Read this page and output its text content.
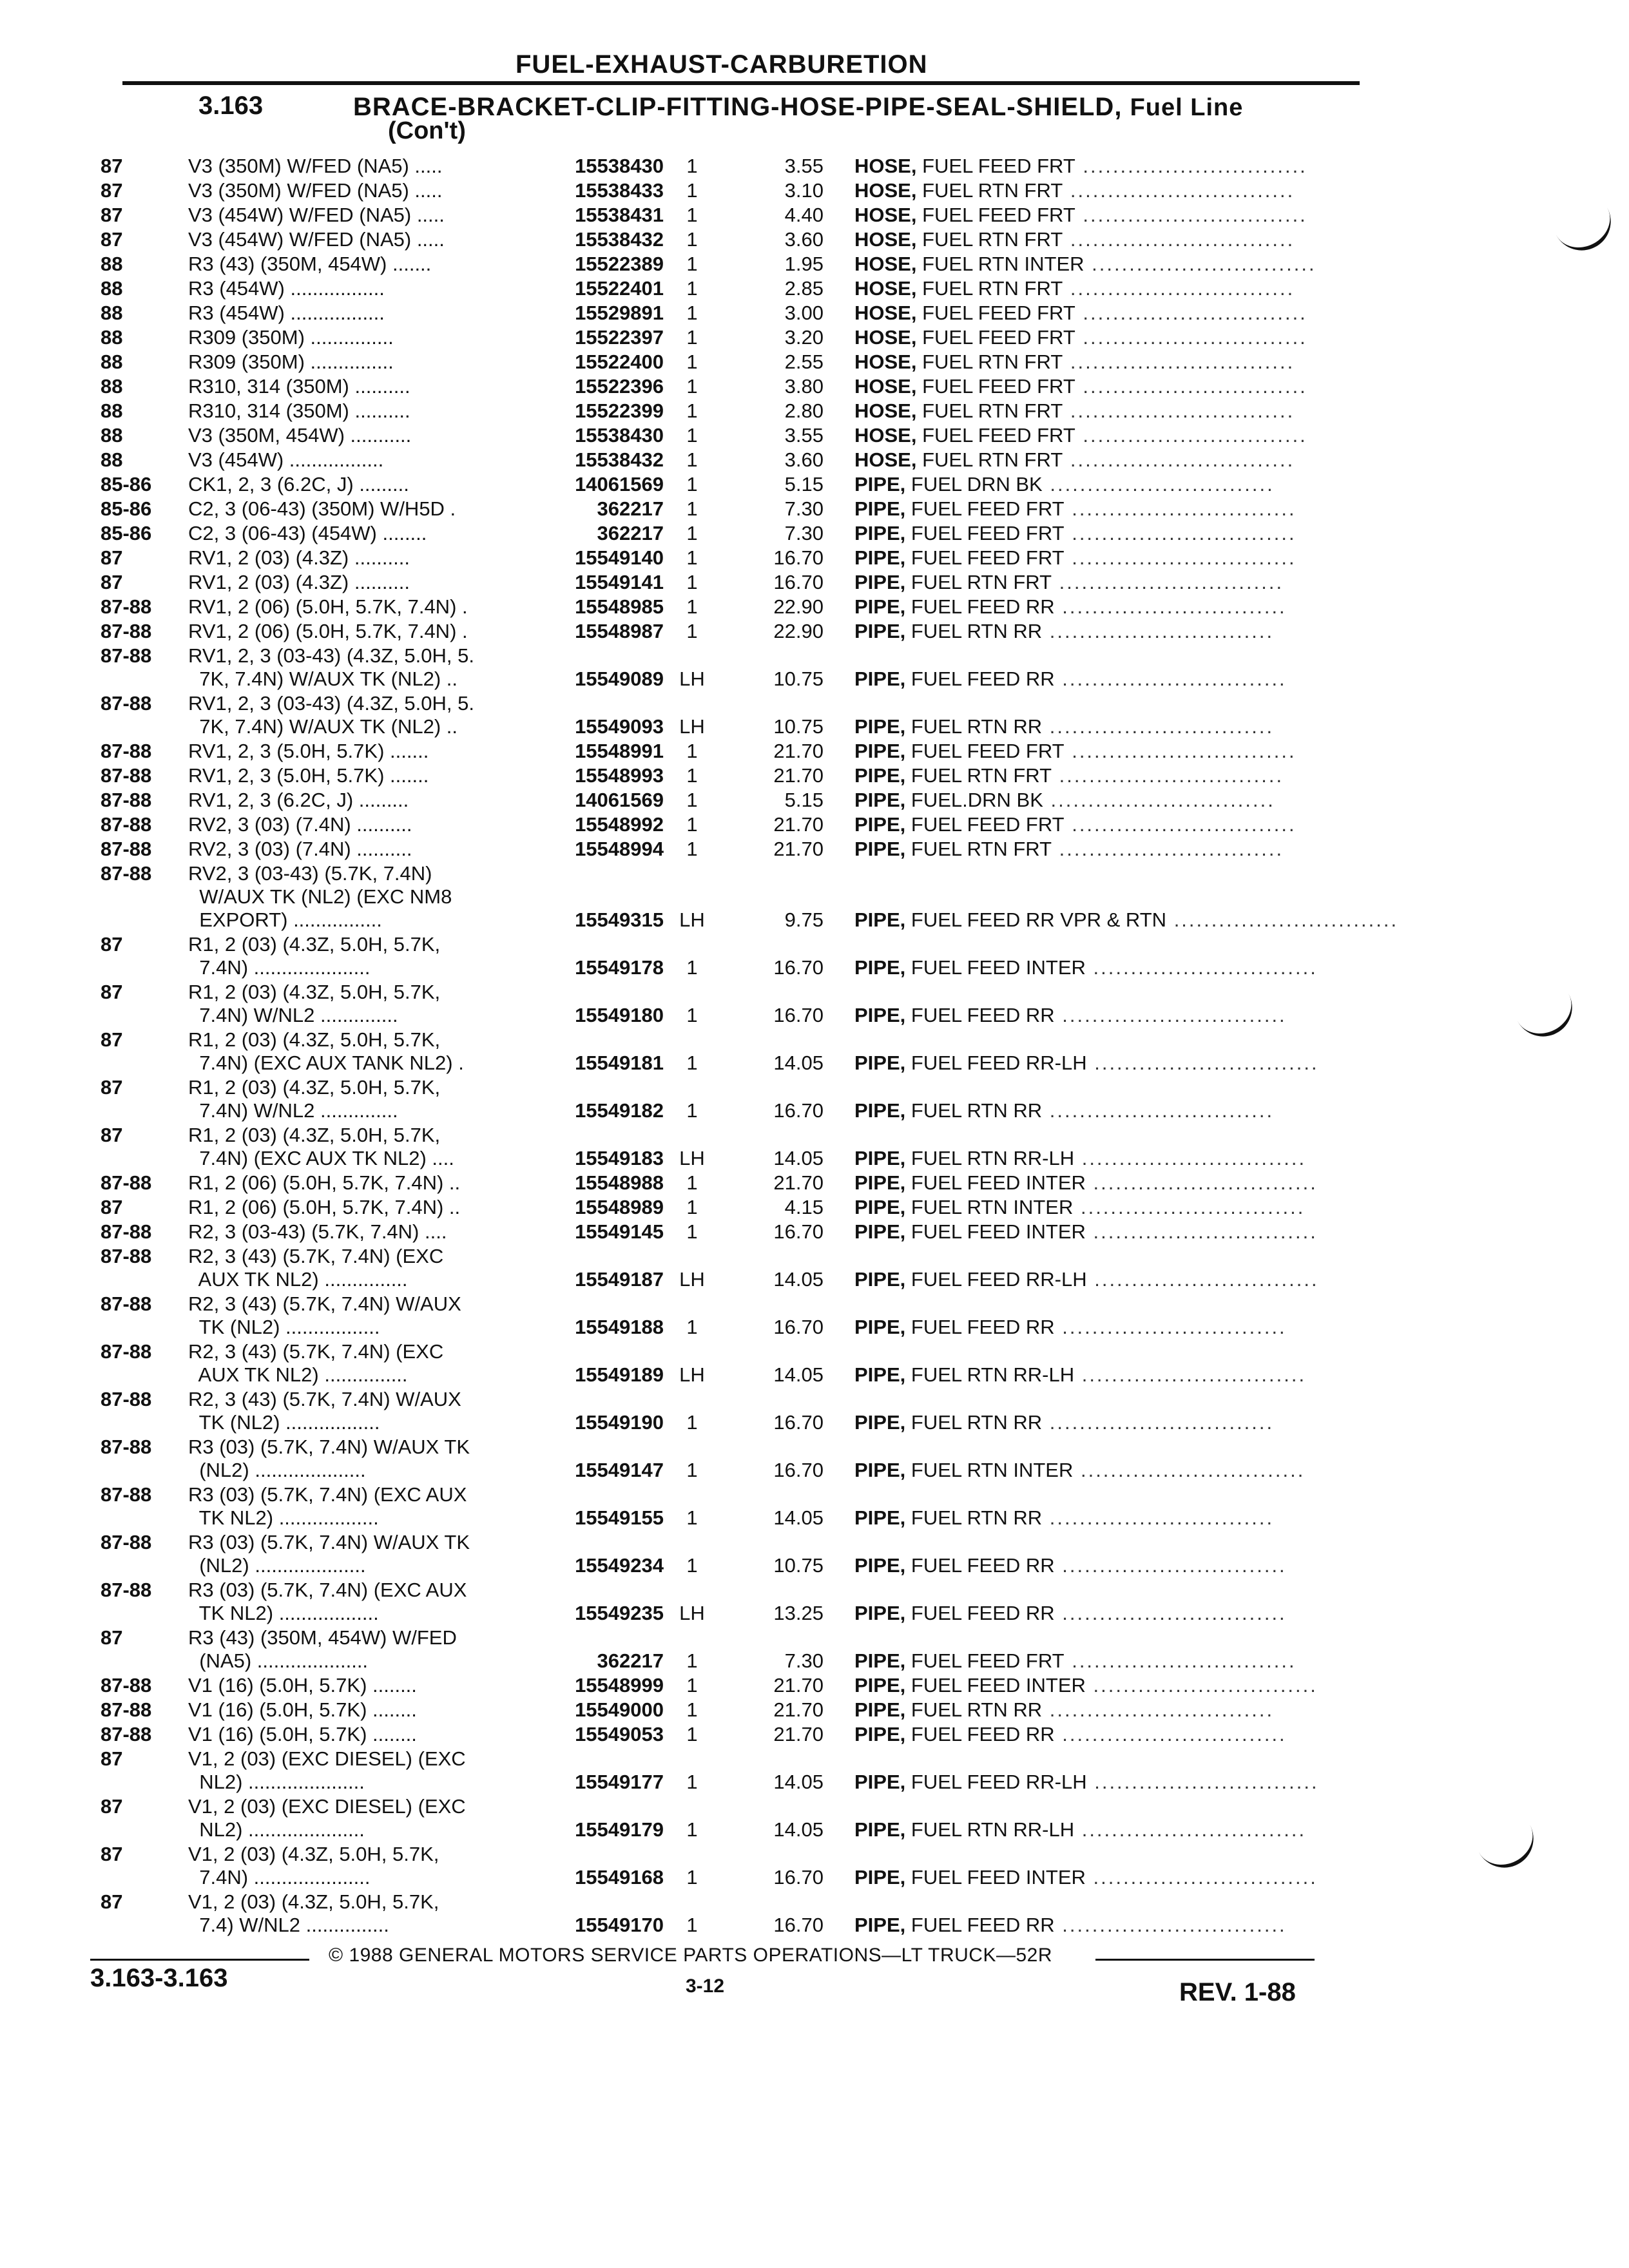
FUEL-EXHAUST-CARBURETION
3.163	BRACE-BRACKET-CLIP-FITTING-HOSE-PIPE-SEAL-SHIELD, Fuel Line
(Con't)
87	V3 (350M) W/FED (NA5) .....	15538430	1	3.55 HOSE, FUEL FEED FRT ..............................
87	V3 (350M) W/FED (NA5) .....	15538433	1	3.10 HOSE, FUEL RTN FRT ..............................
87	V3 (454W) W/FED (NA5) .....	15538431	1	4.40 HOSE, FUEL FEED FRT ..............................
87	V3 (454W) W/FED (NA5) .....	15538432	1	3.60 HOSE, FUEL RTN FRT ..............................
88	R3 (43) (350M, 454W) .......	15522389	1	1.95 HOSE, FUEL RTN INTER ..............................
88	R3 (454W) .................	15522401	1	2.85 HOSE, FUEL RTN FRT ..............................
88	R3 (454W) .................	15529891	1	3.00 HOSE, FUEL FEED FRT ..............................
88	R309 (350M) ...............	15522397	1	3.20 HOSE, FUEL FEED FRT ..............................
88	R309 (350M) ...............	15522400	1	2.55 HOSE, FUEL RTN FRT ..............................
88	R310, 314 (350M) ..........	15522396	1	3.80 HOSE, FUEL FEED FRT ..............................
88	R310, 314 (350M) ..........	15522399	1	2.80 HOSE, FUEL RTN FRT ..............................
88	V3 (350M, 454W) ...........	15538430	1	3.55 HOSE, FUEL FEED FRT ..............................
88	V3 (454W) .................	15538432	1	3.60 HOSE, FUEL RTN FRT ..............................
85-86	CK1, 2, 3 (6.2C, J) .........	14061569	1	5.15 PIPE, FUEL DRN BK ..............................
85-86	C2, 3 (06-43) (350M) W/H5D .	362217	1	7.30 PIPE, FUEL FEED FRT ..............................
85-86	C2, 3 (06-43) (454W) ........	362217	1	7.30 PIPE, FUEL FEED FRT ..............................
87	RV1, 2 (03) (4.3Z) ..........	15549140	1	16.70 PIPE, FUEL FEED FRT ..............................
87	RV1, 2 (03) (4.3Z) ..........	15549141	1	16.70 PIPE, FUEL RTN FRT ..............................
87-88	RV1, 2 (06) (5.0H, 5.7K, 7.4N) .	15548985	1	22.90 PIPE, FUEL FEED RR ..............................
87-88	RV1, 2 (06) (5.0H, 5.7K, 7.4N) .	15548987	1	22.90 PIPE, FUEL RTN RR ..............................
87-88	RV1, 2, 3 (03-43) (4.3Z, 5.0H, 5.
7K, 7.4N) W/AUX TK (NL2) ..	15549089 LH	10.75 PIPE, FUEL FEED RR ..............................
87-88	RV1, 2, 3 (03-43) (4.3Z, 5.0H, 5.
7K, 7.4N) W/AUX TK (NL2) ..	15549093 LH	10.75 PIPE, FUEL RTN RR ..............................
87-88	RV1, 2, 3 (5.0H, 5.7K) .......	15548991	1	21.70 PIPE, FUEL FEED FRT ..............................
87-88	RV1, 2, 3 (5.0H, 5.7K) .......	15548993	1	21.70 PIPE, FUEL RTN FRT ..............................
87-88	RV1, 2, 3 (6.2C, J) .........	14061569	1	5.15 PIPE, FUEL.DRN BK ..............................
87-88	RV2, 3 (03) (7.4N) ..........	15548992	1	21.70 PIPE, FUEL FEED FRT ..............................
87-88	RV2, 3 (03) (7.4N) ..........	15548994	1	21.70 PIPE, FUEL RTN FRT ..............................
87-88	RV2, 3 (03-43) (5.7K, 7.4N)
W/AUX TK (NL2) (EXC NM8
EXPORT) ................	15549315 LH	9.75 PIPE, FUEL FEED RR VPR & RTN ..............................
87	R1, 2 (03) (4.3Z, 5.0H, 5.7K,
7.4N) .....................	15549178	1	16.70 PIPE, FUEL FEED INTER ..............................
87	R1, 2 (03) (4.3Z, 5.0H, 5.7K,
7.4N) W/NL2 ..............	15549180	1	16.70 PIPE, FUEL FEED RR ..............................
87	R1, 2 (03) (4.3Z, 5.0H, 5.7K,
7.4N) (EXC AUX TANK NL2) .	15549181	1	14.05 PIPE, FUEL FEED RR-LH ..............................
87	R1, 2 (03) (4.3Z, 5.0H, 5.7K,
7.4N) W/NL2 ..............	15549182	1	16.70 PIPE, FUEL RTN RR ..............................
87	R1, 2 (03) (4.3Z, 5.0H, 5.7K,
7.4N) (EXC AUX TK NL2) ....	15549183 LH	14.05 PIPE, FUEL RTN RR-LH ..............................
87-88	R1, 2 (06) (5.0H, 5.7K, 7.4N) ..	15548988	1	21.70 PIPE, FUEL FEED INTER ..............................
87	R1, 2 (06) (5.0H, 5.7K, 7.4N) ..	15548989	1	4.15 PIPE, FUEL RTN INTER ..............................
87-88	R2, 3 (03-43) (5.7K, 7.4N) ....	15549145	1	16.70 PIPE, FUEL FEED INTER ..............................
87-88	R2, 3 (43) (5.7K, 7.4N) (EXC
AUX TK NL2) ...............	15549187 LH	14.05 PIPE, FUEL FEED RR-LH ..............................
87-88	R2, 3 (43) (5.7K, 7.4N) W/AUX
TK (NL2) .................	15549188	1	16.70 PIPE, FUEL FEED RR ..............................
87-88	R2, 3 (43) (5.7K, 7.4N) (EXC
AUX TK NL2) ...............	15549189 LH	14.05 PIPE, FUEL RTN RR-LH ..............................
87-88	R2, 3 (43) (5.7K, 7.4N) W/AUX
TK (NL2) .................	15549190	1	16.70 PIPE, FUEL RTN RR ..............................
87-88	R3 (03) (5.7K, 7.4N) W/AUX TK
(NL2) ....................	15549147	1	16.70 PIPE, FUEL RTN INTER ..............................
87-88	R3 (03) (5.7K, 7.4N) (EXC AUX
TK NL2) ..................	15549155	1	14.05 PIPE, FUEL RTN RR ..............................
87-88	R3 (03) (5.7K, 7.4N) W/AUX TK
(NL2) ....................	15549234	1	10.75 PIPE, FUEL FEED RR ..............................
87-88	R3 (03) (5.7K, 7.4N) (EXC AUX
TK NL2) ..................	15549235 LH	13.25 PIPE, FUEL FEED RR ..............................
87	R3 (43) (350M, 454W) W/FED
(NA5) ....................	362217	1	7.30 PIPE, FUEL FEED FRT ..............................
87-88	V1 (16) (5.0H, 5.7K) ........	15548999	1	21.70 PIPE, FUEL FEED INTER ..............................
87-88	V1 (16) (5.0H, 5.7K) ........	15549000	1	21.70 PIPE, FUEL RTN RR ..............................
87-88	V1 (16) (5.0H, 5.7K) ........	15549053	1	21.70 PIPE, FUEL FEED RR ..............................
87	V1, 2 (03) (EXC DIESEL) (EXC
NL2) .....................	15549177	1	14.05 PIPE, FUEL FEED RR-LH ..............................
87	V1, 2 (03) (EXC DIESEL) (EXC
NL2) .....................	15549179	1	14.05 PIPE, FUEL RTN RR-LH ..............................
87	V1, 2 (03) (4.3Z, 5.0H, 5.7K,
7.4N) .....................	15549168	1	16.70 PIPE, FUEL FEED INTER ..............................
87	V1, 2 (03) (4.3Z, 5.0H, 5.7K,
7.4) W/NL2 ...............	15549170	1	16.70 PIPE, FUEL FEED RR ..............................
© 1988 GENERAL MOTORS SERVICE PARTS OPERATIONS—LT TRUCK—52R
3.163-3.163	3-12	REV. 1-88
